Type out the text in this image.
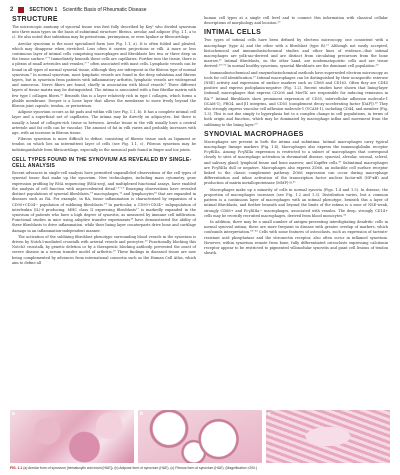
2	SECTION 1 Scientific Basis of Rheumatic Disease
STRUCTURE

The microscopic anatomy of synovial tissue was first fully described by Key¹ who divided synovium into three main types on the basis of subintimal structure: fibrous, areolar, and adipose (Fig. 1.1, a to c). He also noted that subintima may be periosteum, perimysium, or even hyaline or fibrocartilage.

Areolar synovium is the most specialized form (see Fig. 1.1, a). It is often folded and pleated, which may disappear when stretched. Less often it carries projections or villi. A more or less continuous layer of intimal cells comprising macrophages and fibroblasts lies two or three deep on the tissue surface.²⁻⁴ Immediately beneath these cells are capillaries. Further into the tissue, there is a plexus of small arterioles and venules,⁵⁻⁷ often associated with mast cells. Lymphatic vessels can be found in all types of normal synovial tissue, although they are infrequent in the fibrous type of normal synovium.⁸ In normal synovium, most lymphatic vessels are found in the deep subintima and fibrous layers, but in synovium from patients with inflammatory arthritis, lymphatic vessels are widespread and numerous. Nerve fibers are found, chiefly in association with blood vessels.⁹ Three different layers of tissue matrix may be distinguished. The intima is associated with a fine fibrillar matrix with few type I collagen fibers.¹⁰ Beneath this is a layer relatively rich in type I collagen, which forms a pliable membrane. Deeper is a loose layer that allows the membrane to move freely beyond the fibrous joint capsule, tendon, or periosteum.

Adipose synovium occurs as fat pads and within villi (see Fig. 1.1, b). It has a complete intimal cell layer and a superficial net of capillaries. The intima may lie directly on adipocytes, but there is usually a band of collagen-rich tissue in between. Areolar tissue in the villi usually have a central arteriole and fat cells can be vascular. The amount of fat in villi varies and probably increases with age, with an increase in fibrous tissue.

Fibrous synovium is more difficult to define, consisting of fibrous tissue such as ligament or tendon on which lies an intermittent layer of cells (see Fig. 1.1, c). Fibrous synovium may be indistinguishable from fibrocartilage, especially in the meniscal pads found in finger and toe joints.

CELL TYPES FOUND IN THE SYNOVIUM AS REVEALED BY SINGLE-CELL ANALYSIS

Recent advances in single-cell analysis have permitted unparalleled observations of the cell types of synovial tissue that make up the synovium. New technologies, including mass cytometry, gene expression profiling by RNA sequencing (RNA-seq), and multiplexed functional assays, have enabled the analysis of cell function with unprecedented detail.¹¹⁻¹³ Emerging observations have revealed distinct populations of synovial fibroblasts,¹⁴ macrophages,¹⁵ and lymphocytes¹⁶ that are expanded in diseases such as RA. For example, in RA, tissue inflammation is characterized by expansion of a CD90+CD34− population of sublining fibroblasts.¹⁴ In particular, a CD90+CD34− subpopulation of interleukin (IL)-6 producing, MHC class II expressing fibroblasts¹⁷ is markedly expanded in the synovium of patients who have a high degree of synovitis, as measured by immune cell infiltration. Functional studies in mice using adoptive transfer experiments¹⁸ have demonstrated the ability of these fibroblasts to drive inflammation, while their lining layer counterparts drive bone and cartilage damage in an inflammation-independent manner.

The activation of the sublining fibroblast phenotype surrounding blood vessels in the synovium is driven by Notch3-mediated crosstalk with arterial vessels and pericytes.¹⁹ Functionally blocking this Notch3 crosstalk, by genetic deletion or by a therapeutic blocking antibody, prevented the onset of severe disease in a serum transfer model of arthritis.¹⁹ These findings in diseased tissue are now being complemented by advances from international consortia such as the Human Cell Atlas, which aim to define all

human cell types at a single cell level and to connect this information with classical cellular descriptions of morphology and location.²⁰

INTIMAL CELLS

Two types of intimal cells have been defined by electron microscopy, one consistent with a macrophage (type A) and the other with a fibroblast (type B).²¹ Although not easily accepted, histochemical and immunohistochemical studies and other lines of evidence—that intimal macrophages are yolk-sac-derived and are distinct from circulating precursors from the bone marrow.²² Intimal fibroblasts, on the other hand, are nonhematopoietic cells and are tissue derived.²³⁻²⁵ In normal healthy synovium, synovial fibroblasts are the dominant cell population.²⁶

Immunohistochemical and enzymehistochemical methods have superseded electron microscopy as tools for cell identification.²⁷ Intimal macrophages can be distinguished by their nonspecific esterase (NSE) activity and expression of surface markers such as CD68 and CD163. Often they are CD45 positive and express podoplanin-negative (Fig. 1.2). Recent studies have shown that lining-layer (intimal) macrophages that express CD206 and MerTK are responsible for inducing remission in RA.¹⁵ Intimal fibroblasts show prominent expression of CD55, intercellular adhesion molecule-1 (ICAM-1), PRG4, and β1 integrins, and CD55 (complement decay-accelerating factor [DAF]).²⁸ They also strongly express vascular cell adhesion molecule-1 (VCAM-1), including CD44, and member (Fig. 1.3). This is not due simply to hyperplasia but to a complex change in cell populations, in terms of both origin and function, which may be dominated by macrophage influx and movement from the sublining to the lining layer.²⁹

SYNOVIAL MACROPHAGES

Macrophages are present in both the intima and subintima. Intimal macrophages carry typical macrophage lineage markers (Fig. 1.4). Macrophages also express the immunoglobulin receptor FcγRIIIa. Among FcγRIIIa expression is restricted to a subset of macrophages that correspond closely to sites of macrophage activation in rheumatoid disease: synovial, alveolar, serosal, scleral, and salivary gland; lymphoid tissue and bone marrow; and Kupffer cells.³⁰ Subintimal macrophages are FcγRIIIa dull or negative. Macrophages also express ZO66, an inducible cell surface receptor linked to the classic complement pathway. ZO66 expression can occur during macrophage differentiation and inline activation of the transcription factor nuclear factor-κB (NF-κB) and production of matrix metalloproteinase (MMP)-9.³¹

Macrophages make up a minority of cells in normal synovia (Figs. 1.4 and 1.5). In disease, the proportion of macrophages increases (see Fig. 1.2 and 1.3). Distribution varies, but a common pattern is a continuous layer of macrophages with an intimal phenotype, beneath this a layer of intimal fibroblasts, and further beneath and beyond the limits of the intima is a zone of NSE-weak, strongly CD68+ and FcγRIIIa− macrophages, associated with venules. The deep, strongly CD14+ cells may be recently recruited macrophages, derived from blood monocytes.³²

In addition, there may be a small number of antigen-presenting interdigitating dendritic cells in normal synovial intima; these are more frequent in disease with greater overlap of markers, which confounds interpretation.³³⁻³⁵ Cells with some features of osteoclasts, such as expression of tartrate-resistant acid phosphatase and the vitronectin receptor, also often occur in inflamed synovium. However, within synovium remote from bone, fully differentiated osteoclasts expressing calcitonin receptor appear to be restricted to pigmented villonodular synovitis and giant cell lesions of tendon sheath.

a	b	c
FIG. 1.1 (a) Areolar form of synovium (hematoxylin and eosin [H&E]). (b) Adipose form of synovium (H&E). (c) Fibrous form of synovium (H&E). (Magnification ×200.)
